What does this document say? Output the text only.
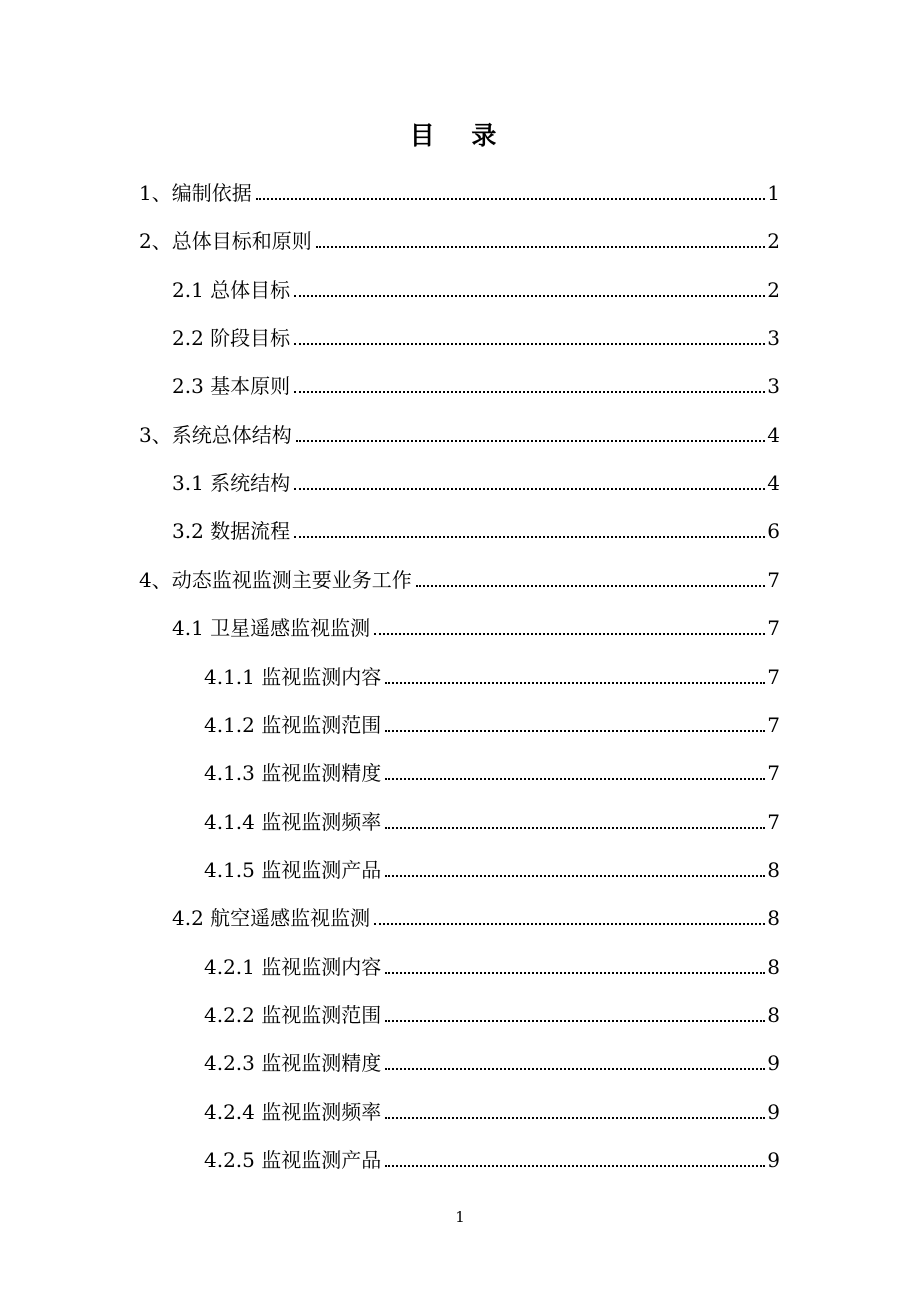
目 录
1、编制依据	1
2、总体目标和原则	2
2.1 总体目标	2
2.2 阶段目标	3
2.3 基本原则	3
3、系统总体结构	4
3.1 系统结构	4
3.2 数据流程	6
4、动态监视监测主要业务工作	7
4.1 卫星遥感监视监测	7
4.1.1 监视监测内容	7
4.1.2 监视监测范围	7
4.1.3 监视监测精度	7
4.1.4 监视监测频率	7
4.1.5 监视监测产品	8
4.2 航空遥感监视监测	8
4.2.1 监视监测内容	8
4.2.2 监视监测范围	8
4.2.3 监视监测精度	9
4.2.4 监视监测频率	9
4.2.5 监视监测产品	9
1
